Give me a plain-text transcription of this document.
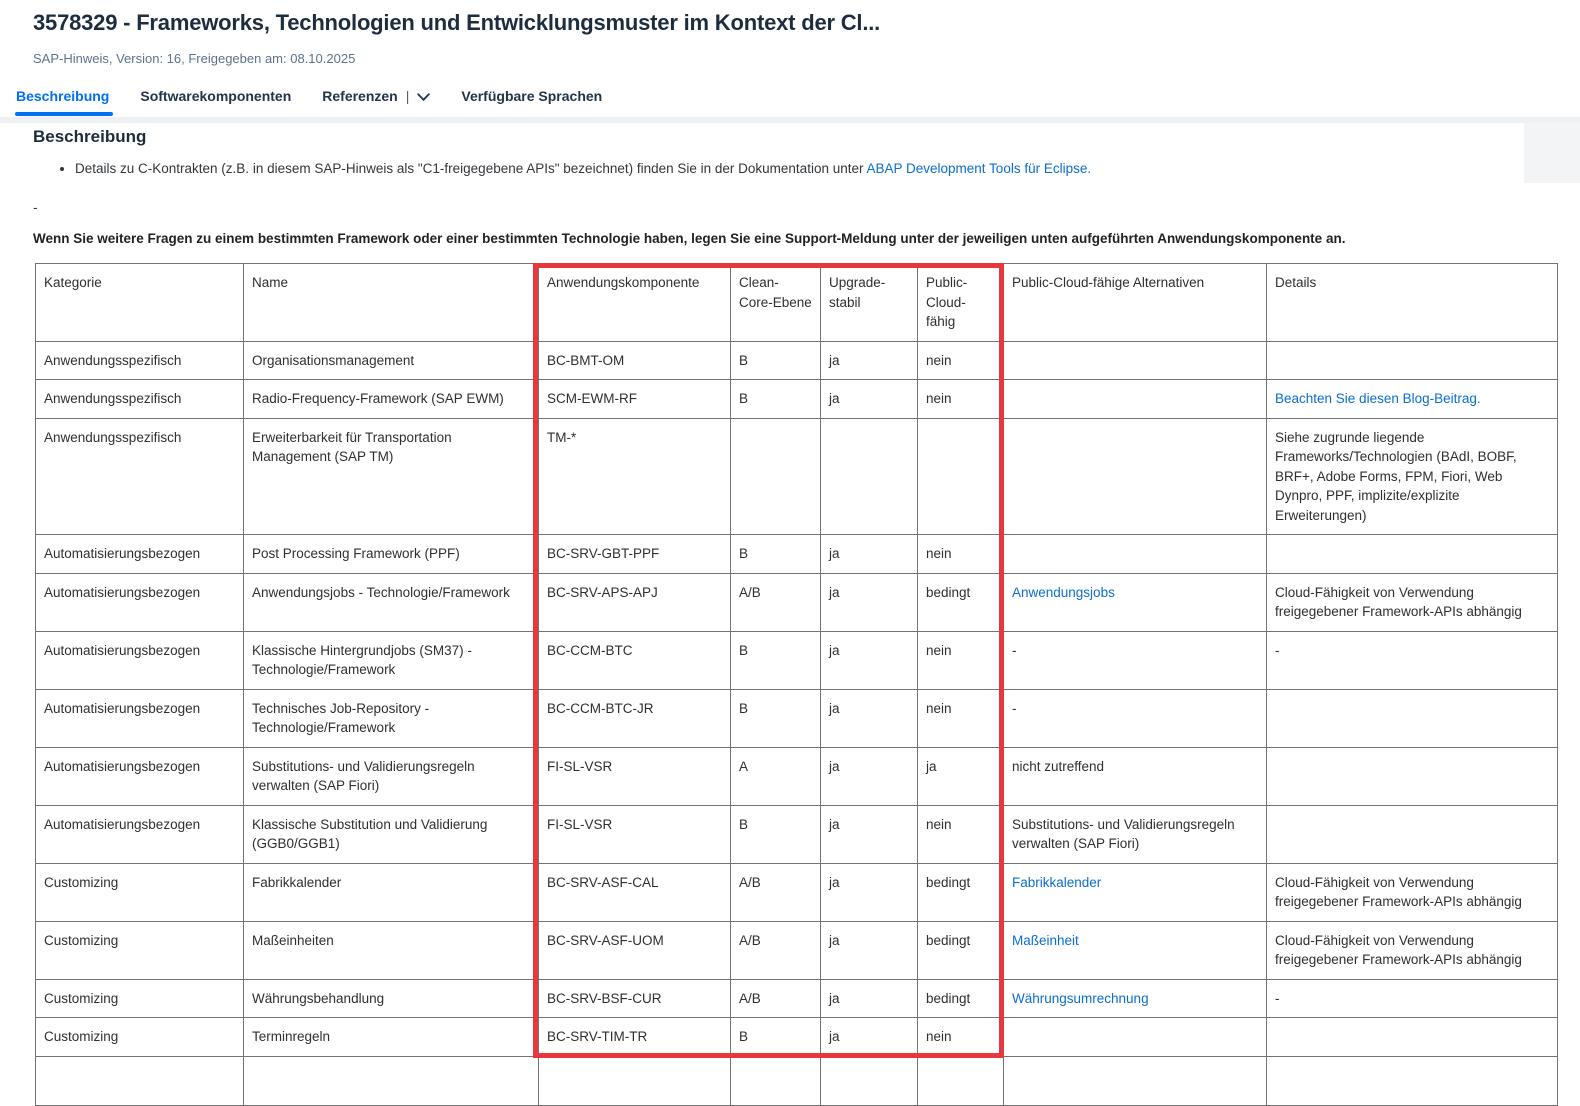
3578329 - Frameworks, Technologien und Entwicklungsmuster im Kontext der Cl...
SAP-Hinweis, Version: 16, Freigegeben am: 08.10.2025
Beschreibung Softwarekomponenten Referenzen |	Verfügbare Sprachen
Beschreibung
• Details zu C-Kontrakten (z.B. in diesem SAP-Hinweis als "C1-freigegebene APIs" bezeichnet) finden Sie in der Dokumentation unter ABAP Development Tools für Eclipse.
-
Wenn Sie weitere Fragen zu einem bestimmten Framework oder einer bestimmten Technologie haben, legen Sie eine Support-Meldung unter der jeweiligen unten aufgeführten Anwendungskomponente an.
Kategorie	Name	Anwendungskomponente	Clean-Core-Ebene	Upgrade-stabil	Public-Cloud-fähig	Public-Cloud-fähige Alternativen	Details
Anwendungsspezifisch	Organisationsmanagement	BC-BMT-OM	B	ja	nein		
Anwendungsspezifisch	Radio-Frequency-Framework (SAP EWM)	SCM-EWM-RF	B	ja	nein		Beachten Sie diesen Blog-Beitrag.
Anwendungsspezifisch	Erweiterbarkeit für Transportation Management (SAP TM)	TM-*					Siehe zugrunde liegende Frameworks/Technologien (BAdI, BOBF, BRF+, Adobe Forms, FPM, Fiori, Web Dynpro, PPF, implizite/explizite Erweiterungen)
Automatisierungsbezogen	Post Processing Framework (PPF)	BC-SRV-GBT-PPF	B	ja	nein		
Automatisierungsbezogen	Anwendungsjobs - Technologie/Framework	BC-SRV-APS-APJ	A/B	ja	bedingt	Anwendungsjobs	Cloud-Fähigkeit von Verwendung freigegebener Framework-APIs abhängig
Automatisierungsbezogen	Klassische Hintergrundjobs (SM37) - Technologie/Framework	BC-CCM-BTC	B	ja	nein	-	-
Automatisierungsbezogen	Technisches Job-Repository - Technologie/Framework	BC-CCM-BTC-JR	B	ja	nein	-	
Automatisierungsbezogen	Substitutions- und Validierungsregeln verwalten (SAP Fiori)	FI-SL-VSR	A	ja	ja	nicht zutreffend	
Automatisierungsbezogen	Klassische Substitution und Validierung (GGB0/GGB1)	FI-SL-VSR	B	ja	nein	Substitutions- und Validierungsregeln verwalten (SAP Fiori)	
Customizing	Fabrikkalender	BC-SRV-ASF-CAL	A/B	ja	bedingt	Fabrikkalender	Cloud-Fähigkeit von Verwendung freigegebener Framework-APIs abhängig
Customizing	Maßeinheiten	BC-SRV-ASF-UOM	A/B	ja	bedingt	Maßeinheit	Cloud-Fähigkeit von Verwendung freigegebener Framework-APIs abhängig
Customizing	Währungsbehandlung	BC-SRV-BSF-CUR	A/B	ja	bedingt	Währungsumrechnung	-
Customizing	Terminregeln	BC-SRV-TIM-TR	B	ja	nein		
